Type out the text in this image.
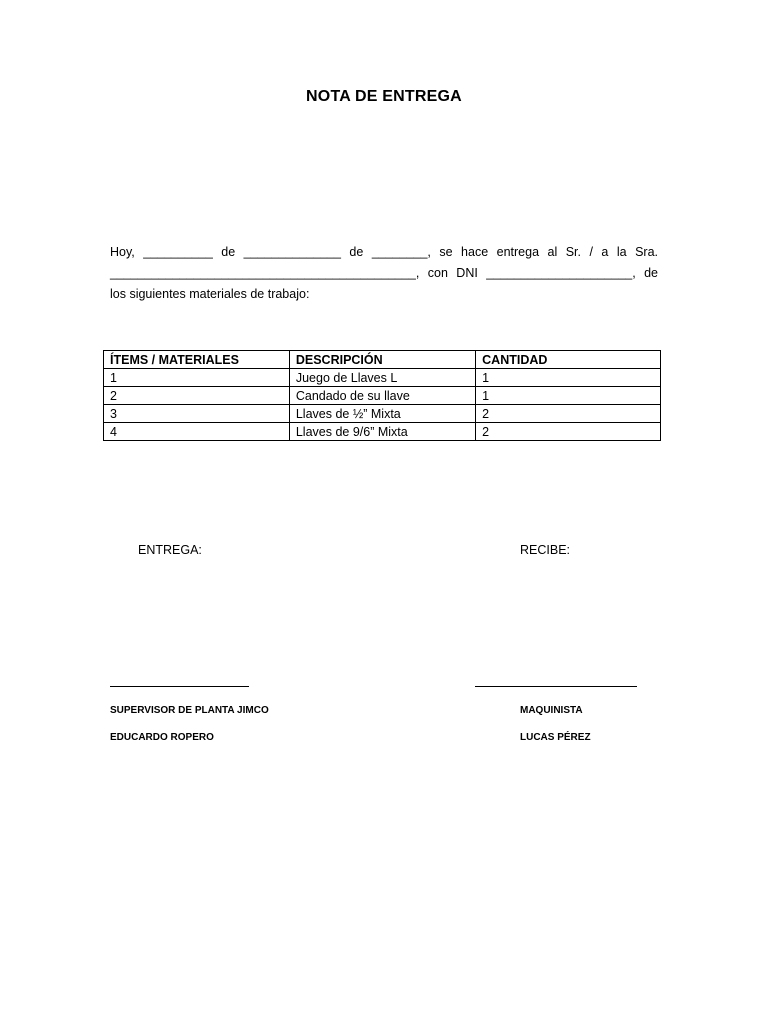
NOTA DE ENTREGA
Hoy, __________ de ______________ de ________, se hace entrega al Sr. / a la Sra.
____________________________________________, con DNI _____________________, de
los siguientes materiales de trabajo:
ÍTEMS / MATERIALES	DESCRIPCIÓN	CANTIDAD
1	Juego de Llaves L	1
2	Candado de su llave	1
3	Llaves de ½” Mixta	2
4	Llaves de 9/6” Mixta	2
ENTREGA:	RECIBE:
SUPERVISOR DE PLANTA JIMCO	MAQUINISTA
EDUCARDO ROPERO	LUCAS PÉREZ
